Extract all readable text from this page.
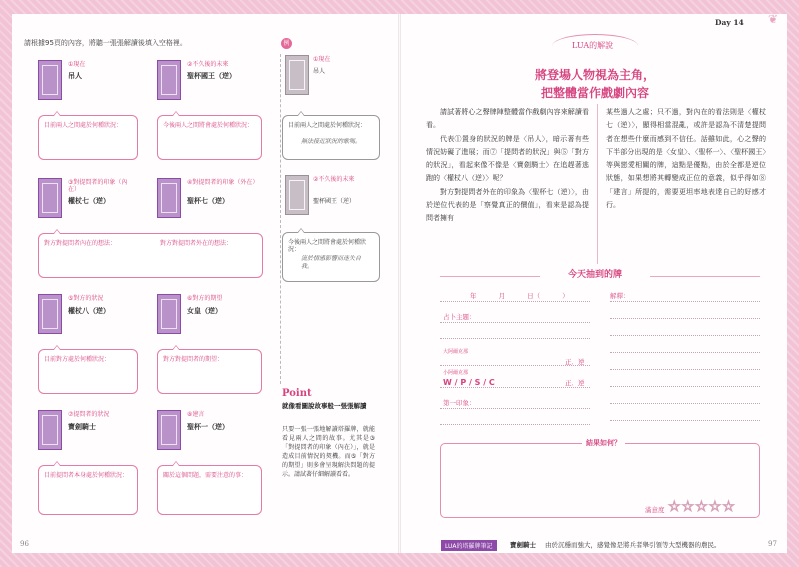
請根據95頁的內容，將聽一張張解讀後填入空格裡。
①現在
吊人
目前兩人之間處於何種狀況：
②不久後的未來
聖杯國王（逆）
今後兩人之間將會處於何種狀況：
③對提問者的印象（內在）
權杖七（逆）
對方對提問者內在的想法：
④對提問者的印象（外在）
聖杯七（逆）
對方對提問者外在的想法：
⑤對方的狀況
權杖八（逆）
目前對方處於何種狀況：
⑥對方的期望
女皇（逆）
對方對提問者的期望：
⑦提問者的狀況
寶劍騎士
目前提問者本身處於何種狀況：
⑧建言
聖杯一（逆）
關於這個問題，需要注意的事：
例
①現在
吊人
目前兩人之間處於何種狀況：
無法接近狀況的歌嗎。
②不久後的未來
聖杯國王（逆）
今後兩人之間將會處於何種狀況：
流於情感影響而迷失自我。
Point
就像看圖說故事般一張張解讀
只要一張一張地解讀塔羅牌，就能看見兩人之間的故事。尤其是③「對提問者的印象（內在）」，就是造成目前情況的契機。而⑤「對方的期望」則多會呈現解決問題的提示。請試著仔細解讀看看。
96
❦
Day 14
LUA的解說
將登場人物視為主角，
把整體當作戲劇內容

請試著將心之聲牌陣整體當作戲劇內容來解讀看看。

代表①置身的狀況的牌是〈吊人〉，暗示著有些情況妨礙了進展；而⑦「提問者的狀況」與⑤「對方的狀況」，看起來像不像是〈寶劍騎士〉在追趕著逃跑的〈權杖八（逆）〉呢？

對方對提問者外在的印象為〈聖杯七（逆）〉，由於逆位代表的是「察覺真正的價值」，看來是認為提問者擁有

某些過人之處；只不過，對內在的看法則是〈權杖七（逆）〉，顯得相當混亂，或許是認為不清楚提問者在想些什麼而感到不信任。話雖如此，心之聲的下半部分出現的是〈女皇〉、〈聖杯一〉、〈聖杯國王〉等與戀愛相關的牌，這點是優點，由於全都是逆位狀態，如果想將其轉變成正位的意義，似乎得如⑧「建言」所提的，需要更坦率地表達自己的好感才行。

今天抽到的牌
年 月 日（ ）	解釋：
占卜主題：
大阿爾克那
正．逆
小阿爾克那
W / P / S / C	正．逆
第一印象：
結果如何？
滿意度 ☆☆☆☆☆
LUA的塔羅牌筆記	寶劍騎士 由於沉穩而強大，感覺像是將兵者舉引領等大型機器的農民。	97
